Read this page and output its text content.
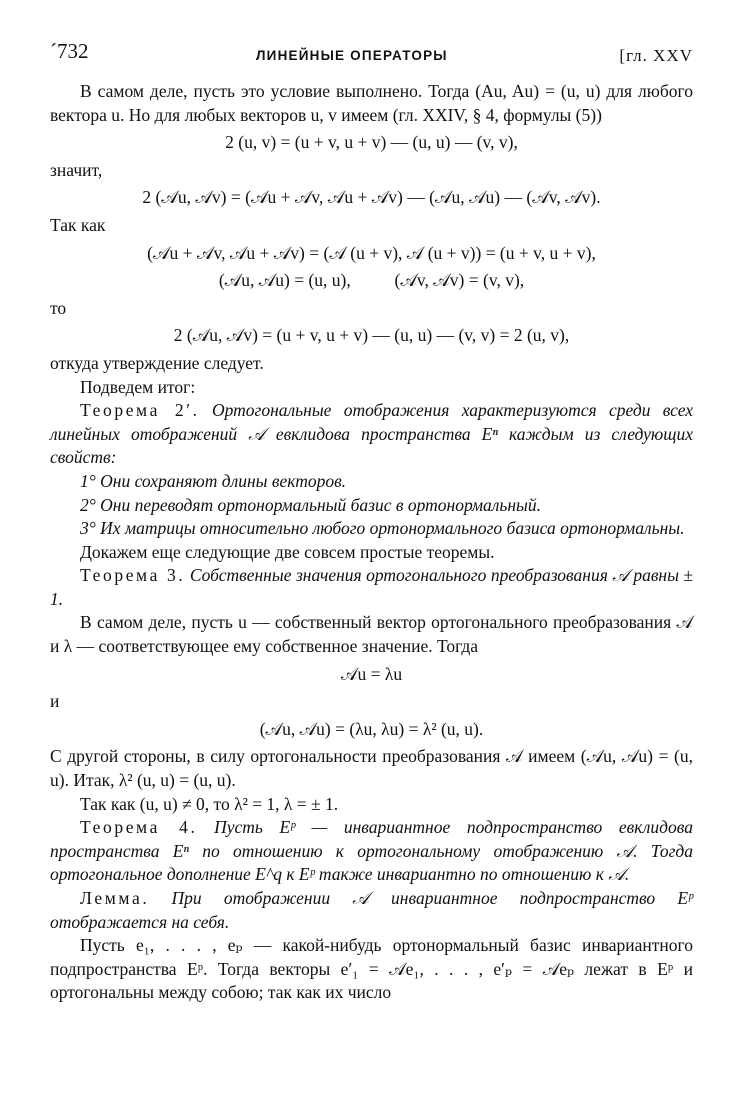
´732	ЛИНЕЙНЫЕ ОПЕРАТОРЫ	[гл. XXV

В самом деле, пусть это условие выполнено. Тогда (Au, Au) = (u, u) для любого вектора u. Но для любых векторов u, v имеем (гл. XXIV, § 4, формулы (5))

2 (u, v) = (u + v, u + v) — (u, u) — (v, v),

значит,

2 (𝒜u, 𝒜v) = (𝒜u + 𝒜v, 𝒜u + 𝒜v) — (𝒜u, 𝒜u) — (𝒜v, 𝒜v).

Так как

(𝒜u + 𝒜v, 𝒜u + 𝒜v) = (𝒜 (u + v), 𝒜 (u + v)) = (u + v, u + v),

(𝒜u, 𝒜u) = (u, u),          (𝒜v, 𝒜v) = (v, v),

то

2 (𝒜u, 𝒜v) = (u + v, u + v) — (u, u) — (v, v) = 2 (u, v),

откуда утверждение следует.

Подведем итог:

Теорема 2′. Ортогональные отображения характеризуются среди всех линейных отображений 𝒜 евклидова пространства Eⁿ каждым из следующих свойств:

1° Они сохраняют длины векторов.

2° Они переводят ортонормальный базис в ортонормальный.

3° Их матрицы относительно любого ортонормального базиса ортонормальны.

Докажем еще следующие две совсем простые теоремы.

Теорема 3. Собственные значения ортогонального преобразования 𝒜 равны ± 1.

В самом деле, пусть u — собственный вектор ортогонального преобразования 𝒜 и λ — соответствующее ему собственное значение. Тогда

𝒜u = λu

и

(𝒜u, 𝒜u) = (λu, λu) = λ² (u, u).

С другой стороны, в силу ортогональности преобразования 𝒜 имеем (𝒜u, 𝒜u) = (u, u). Итак, λ² (u, u) = (u, u).

Так как (u, u) ≠ 0, то λ² = 1, λ = ± 1.

Теорема 4. Пусть Eᵖ — инвариантное подпространство евклидова пространства Eⁿ по отношению к ортогональному отображению 𝒜. Тогда ортогональное дополнение E^q к Eᵖ также инвариантно по отношению к 𝒜.

Лемма. При отображении 𝒜 инвариантное подпространство Eᵖ отображается на себя.

Пусть e₁, . . . , eₚ — какой-нибудь ортонормальный базис инвариантного подпространства Eᵖ. Тогда векторы e′₁ = 𝒜e₁, . . . , e′ₚ = 𝒜eₚ лежат в Eᵖ и ортогональны между собою; так как их число
